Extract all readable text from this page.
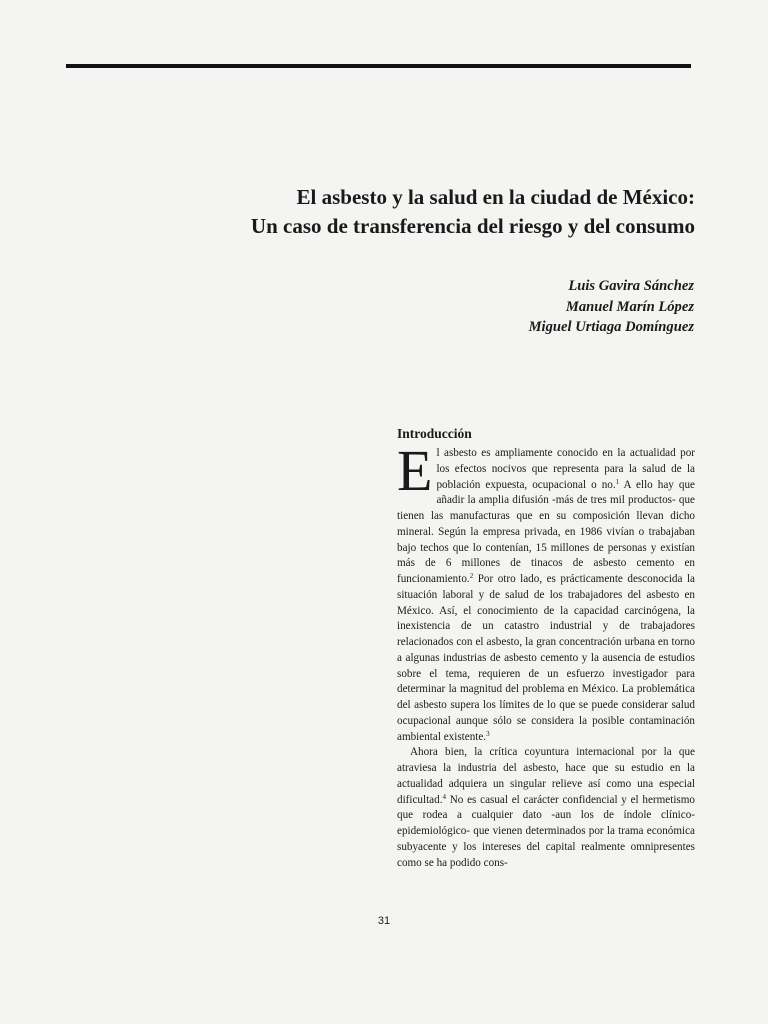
El asbesto y la salud en la ciudad de México:
Un caso de transferencia del riesgo y del consumo
Luis Gavira Sánchez
Manuel Marín López
Miguel Urtiaga Domínguez
Introducción

El asbesto es ampliamente conocido en la actualidad por los efectos nocivos que representa para la salud de la población expuesta, ocupacional o no.$^1$ A ello hay que añadir la amplia difusión -más de tres mil productos- que tienen las manufacturas que en su composición llevan dicho mineral. Según la empresa privada, en 1986 vivían o trabajaban bajo techos que lo contenían, 15 millones de personas y existían más de 6 millones de tinacos de asbesto cemento en funcionamiento.$^2$ Por otro lado, es prácticamente desconocida la situación laboral y de salud de los trabajadores del asbesto en México. Así, el conocimiento de la capacidad carcinógena, la inexistencia de un catastro industrial y de trabajadores relacionados con el asbesto, la gran concentración urbana en torno a algunas industrias de asbesto cemento y la ausencia de estudios sobre el tema, requieren de un esfuerzo investigador para determinar la magnitud del problema en México. La problemática del asbesto supera los límites de lo que se puede considerar salud ocupacional aunque sólo se considera la posible contaminación ambiental existente.$^3$

Ahora bien, la crítica coyuntura internacional por la que atraviesa la industria del asbesto, hace que su estudio en la actualidad adquiera un singular relieve así como una especial dificultad.$^4$ No es casual el carácter confidencial y el hermetismo que rodea a cualquier dato -aun los de índole clínico-epidemiológico- que vienen determinados por la trama económica subyacente y los intereses del capital realmente omnipresentes como se ha podido cons-

31
